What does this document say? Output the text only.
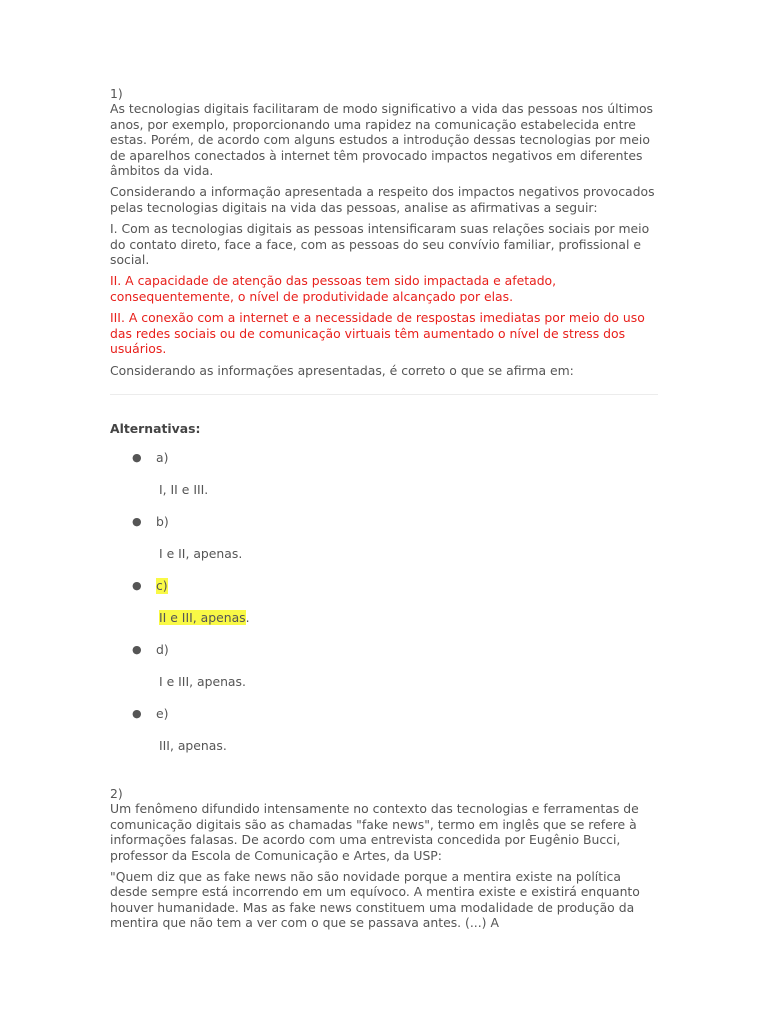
1)
As tecnologias digitais facilitaram de modo significativo a vida das pessoas nos últimos anos, por exemplo, proporcionando uma rapidez na comunicação estabelecida entre estas. Porém, de acordo com alguns estudos a introdução dessas tecnologias por meio de aparelhos conectados à internet têm provocado impactos negativos em diferentes âmbitos da vida.

Considerando a informação apresentada a respeito dos impactos negativos provocados pelas tecnologias digitais na vida das pessoas, analise as afirmativas a seguir:

I. Com as tecnologias digitais as pessoas intensificaram suas relações sociais por meio do contato direto, face a face, com as pessoas do seu convívio familiar, profissional e social.

II. A capacidade de atenção das pessoas tem sido impactada e afetado, consequentemente, o nível de produtividade alcançado por elas.

III. A conexão com a internet e a necessidade de respostas imediatas por meio do uso das redes sociais ou de comunicação virtuais têm aumentado o nível de stress dos usuários.

Considerando as informações apresentadas, é correto o que se afirma em:

Alternativas:

● a)
I, II e III.
● b)
I e II, apenas.
● c)
II e III, apenas.
● d)
I e III, apenas.
● e)
III, apenas.

2)
Um fenômeno difundido intensamente no contexto das tecnologias e ferramentas de comunicação digitais são as chamadas "fake news", termo em inglês que se refere à informações falasas. De acordo com uma entrevista concedida por Eugênio Bucci, professor da Escola de Comunicação e Artes, da USP:

"Quem diz que as fake news não são novidade porque a mentira existe na política desde sempre está incorrendo em um equívoco. A mentira existe e existirá enquanto houver humanidade. Mas as fake news constituem uma modalidade de produção da mentira que não tem a ver com o que se passava antes. (...) A
